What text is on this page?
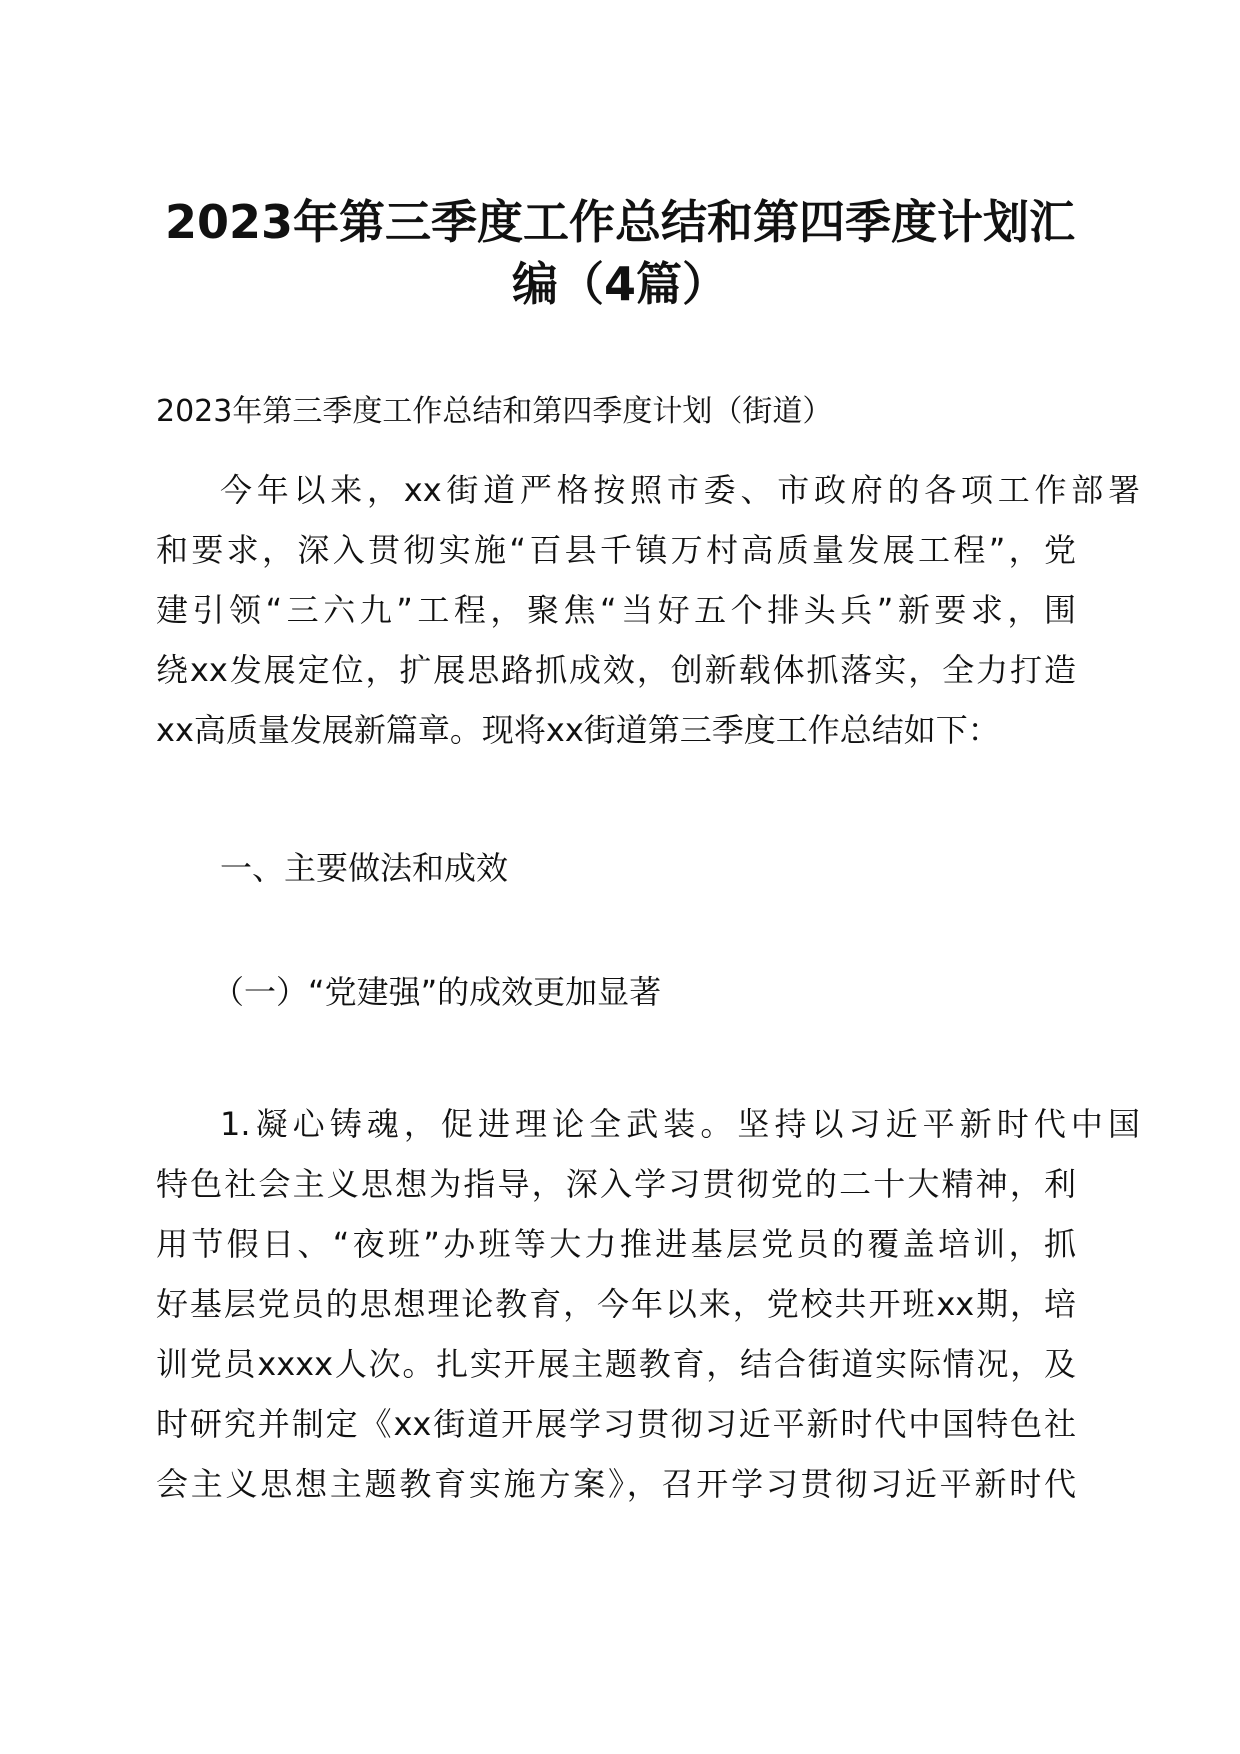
2023年第三季度工作总结和第四季度计划汇
编（4篇）
2023年第三季度工作总结和第四季度计划（街道）
今年以来，xx街道严格按照市委、市政府的各项工作部署
和要求，深入贯彻实施“百县千镇万村高质量发展工程”，党
建引领“三六九”工程，聚焦“当好五个排头兵”新要求，围
绕xx发展定位，扩展思路抓成效，创新载体抓落实，全力打造
xx高质量发展新篇章。现将xx街道第三季度工作总结如下：
一、主要做法和成效
（一）“党建强”的成效更加显著
1.凝心铸魂，促进理论全武装。坚持以习近平新时代中国
特色社会主义思想为指导，深入学习贯彻党的二十大精神，利
用节假日、“夜班”办班等大力推进基层党员的覆盖培训，抓
好基层党员的思想理论教育，今年以来，党校共开班xx期，培
训党员xxxx人次。扎实开展主题教育，结合街道实际情况，及
时研究并制定《xx街道开展学习贯彻习近平新时代中国特色社
会主义思想主题教育实施方案》，召开学习贯彻习近平新时代
